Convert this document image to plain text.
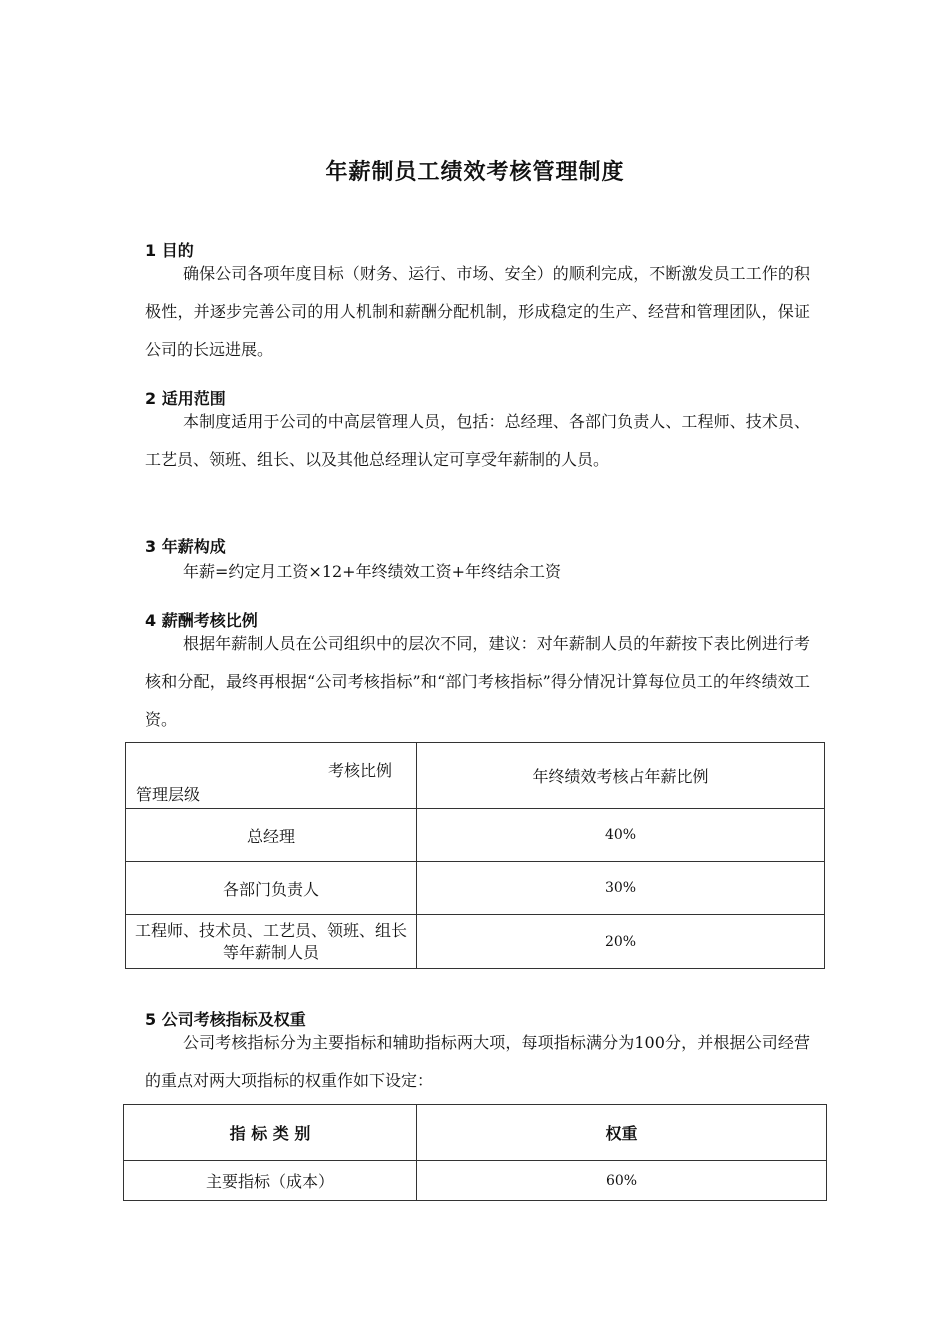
年薪制员工绩效考核管理制度
1 目的
确保公司各项年度目标（财务、运行、市场、安全）的顺利完成，不断激发员工工作的积极性，并逐步完善公司的用人机制和薪酬分配机制，形成稳定的生产、经营和管理团队，保证公司的长远进展。
2 适用范围
本制度适用于公司的中高层管理人员，包括：总经理、各部门负责人、工程师、技术员、工艺员、领班、组长、以及其他总经理认定可享受年薪制的人员。
3 年薪构成
年薪=约定月工资×12+年终绩效工资+年终结余工资
4 薪酬考核比例
根据年薪制人员在公司组织中的层次不同，建议：对年薪制人员的年薪按下表比例进行考核和分配，最终再根据“公司考核指标”和“部门考核指标”得分情况计算每位员工的年终绩效工资。
考核比例
管理层级	年终绩效考核占年薪比例
总经理	40%
各部门负责人	30%
工程师、技术员、工艺员、领班、组长等年薪制人员	20%
5 公司考核指标及权重
公司考核指标分为主要指标和辅助指标两大项，每项指标满分为100分，并根据公司经营的重点对两大项指标的权重作如下设定：
指 标 类 别	权重
主要指标（成本）	60%
